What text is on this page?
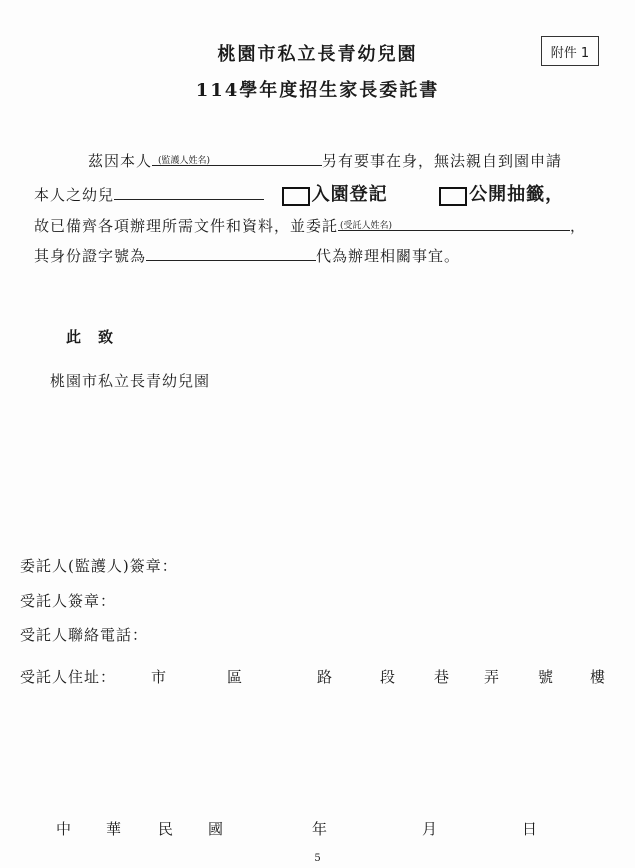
附件 1
桃園市私立長青幼兒園
114學年度招生家長委託書
茲因本人 (監護人姓名)	另有要事在身，無法親自到園申請
本人之幼兒	入園登記	公開抽籤，
故已備齊各項辦理所需文件和資料，並委託 (受託人姓名)	，
其身份證字號為	代為辦理相關事宜。
此　致
桃園市私立長青幼兒園
委託人(監護人)簽章：
受託人簽章：
受託人聯絡電話：
受託人住址： 市	區	路	段	巷 弄	號 樓
中 華 民 國	年	月	日
5
